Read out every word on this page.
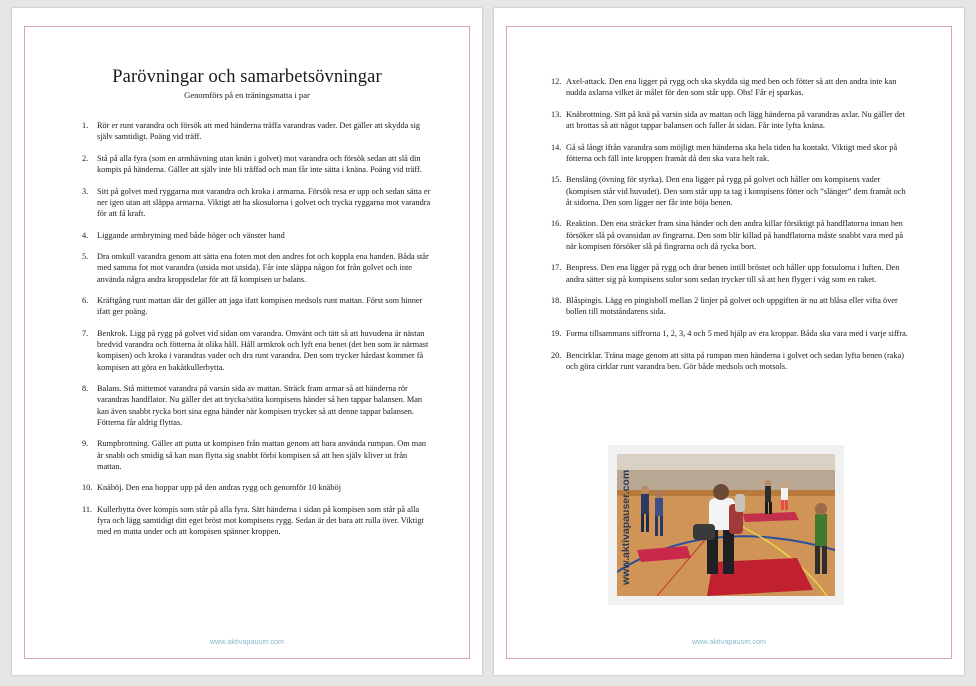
Parövningar och samarbetsövningar
Genomförs på en träningsmatta i par
1. Rör er runt varandra och försök att med händerna träffa varandras vader. Det gäller att skydda sig själv samtidigt. Poäng vid träff.
2. Stå på alla fyra (som en armhävning utan knän i golvet) mot varandra och försök sedan att slå din kompis på händerna. Gäller att själv inte bli träffad och man får inte sätta i knäna. Poäng vid träff.
3. Sitt på golvet med ryggarna mot varandra och kroka i armarna. Försök resa er upp och sedan sätta er ner igen utan att släppa armarna. Viktigt att ha skosulorna i golvet och trycka ryggarna mot varandra för att få kraft.
4. Liggande armbrytning med både höger och vänster hand
5. Dra omkull varandra genom att sätta ena foten mot den andres fot och koppla ena handen. Båda står med samma fot mot varandra (utsida mot utsida). Får inte släppa någon fot från golvet och inte använda några andra kroppsdelar för att få kompisen ur balans.
6. Kräftgång runt mattan där det gäller att jaga ifatt kompisen medsols runt mattan. Först som hinner ifatt ger poäng.
7. Benkrok. Ligg på rygg på golvet vid sidan om varandra. Omvänt och tätt så att huvudena är nästan bredvid varandra och fötterna åt olika håll. Håll armkrok och lyft ena benet (det ben som är närmast kompisen) och kroka i varandras vader och dra runt varandra. Den som trycker hårdast kommer få kompisen att göra en bakåtkullerbytta.
8. Balans. Stå mittemot varandra på varsin sida av mattan. Sträck fram armar så att händerna rör varandras handflator. Nu gäller det att trycka/stöta kompisens händer så hen tappar balansen. Man kan även snabbt rycka bort sina egna händer när kompisen trycker så att denne tappar balansen. Fötterna får aldrig flyttas.
9. Rumpbrottning. Gäller att putta ut kompisen från mattan genom att bara använda rumpan. Om man är snabb och smidig så kan man flytta sig snabbt förbi kompisen så att hen själv kliver ut från mattan.
10. Knäböj. Den ena hoppar upp på den andras rygg och genomför 10 knäböj
11. Kullerbytta över kompis som står på alla fyra. Sätt händerna i sidan på kompisen som står på alla fyra och lägg samtidigt ditt eget bröst mot kompisens rygg. Sedan är det bara att rulla över. Viktigt med en matta under och att kompisen spänner kroppen.
www.aktivapauser.com
12. Axel-attack. Den ena ligger på rygg och ska skydda sig med ben och fötter så att den andra inte kan nudda axlarna vilket är målet för den som står upp. Obs! Får ej sparkas.
13. Knäbrottning. Sitt på knä på varsin sida av mattan och lägg händerna på varandras axlar. Nu gäller det att brottas så att något tappar balansen och faller åt sidan. Får inte lyfta knäna.
14. Gå så långt ifrån varandra som möjligt men händerna ska hela tiden ha kontakt. Viktigt med skor på fötterna och fäll inte kroppen framåt då den ska vara helt rak.
15. Bensläng (övning för styrka). Den ena ligger på rygg på golvet och håller om kompisens vader (kompisen står vid huvudet). Den som står upp ta tag i kompisens fötter och ”slänger” dem framåt och åt sidorna. Den som ligger ner får inte böja benen.
16. Reaktion. Den ena sträcker fram sina händer och den andra killar försiktigt på handflatorna innan hen försöker slå på ovansidan av fingrarna. Den som blir killad på handflatorna måste snabbt vara med på när kompisen försöker slå på fingrarna och då rycka bort.
17. Benpress. Den ena ligger på rygg och drar benen intill bröstet och håller upp fotsulorna i luften. Den andra sätter sig på kompisens sulor som sedan trycker till så att hen flyger i väg som en raket.
18. Blåspingis. Lägg en pingisboll mellan 2 linjer på golvet och uppgiften är nu att blåsa eller vifta över bollen till motståndarens sida.
19. Forma tillsammans siffrorna 1, 2, 3, 4 och 5 med hjälp av era kroppar. Båda ska vara med i varje siffra.
20. Bencirklar. Träna mage genom att sitta på rumpan men händerna i golvet och sedan lyfta benen (raka) och göra cirklar runt varandra ben. Gör både medsols och motsols.
www.aktivapauser.com
www.aktivapauser.com
